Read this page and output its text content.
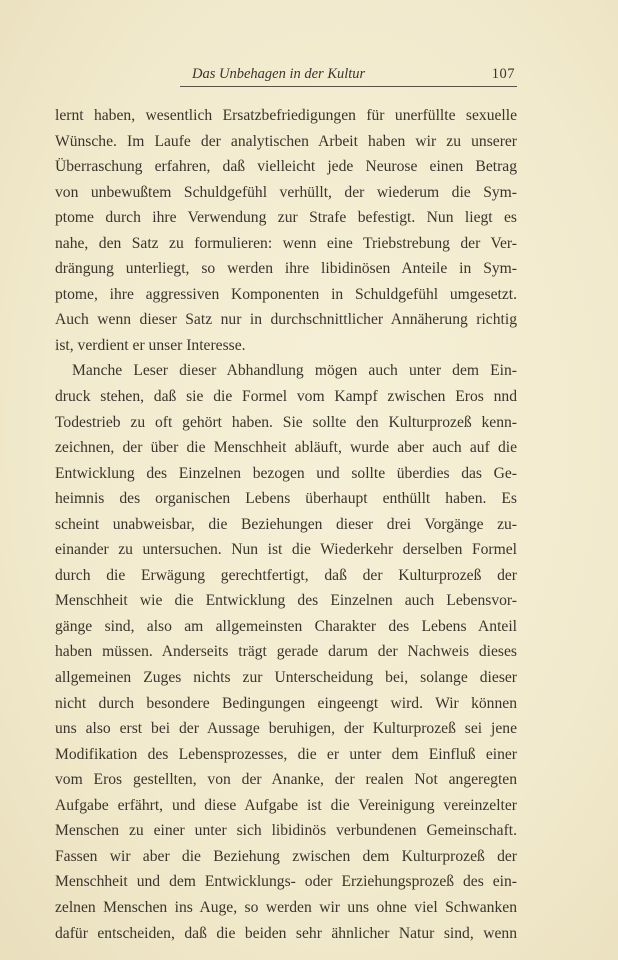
Das Unbehagen in der Kultur	107
lernt haben, wesentlich Ersatzbefriedigungen für unerfüllte sexuelle
Wünsche. Im Laufe der analytischen Arbeit haben wir zu unserer
Überraschung erfahren, daß vielleicht jede Neurose einen Betrag
von unbewußtem Schuldgefühl verhüllt, der wiederum die Sym-
ptome durch ihre Verwendung zur Strafe befestigt. Nun liegt es
nahe, den Satz zu formulieren: wenn eine Triebstrebung der Ver-
drängung unterliegt, so werden ihre libidinösen Anteile in Sym-
ptome, ihre aggressiven Komponenten in Schuldgefühl umgesetzt.
Auch wenn dieser Satz nur in durchschnittlicher Annäherung richtig
ist, verdient er unser Interesse.
Manche Leser dieser Abhandlung mögen auch unter dem Ein-
druck stehen, daß sie die Formel vom Kampf zwischen Eros nnd
Todestrieb zu oft gehört haben. Sie sollte den Kulturprozeß kenn-
zeichnen, der über die Menschheit abläuft, wurde aber auch auf die
Entwicklung des Einzelnen bezogen und sollte überdies das Ge-
heimnis des organischen Lebens überhaupt enthüllt haben. Es
scheint unabweisbar, die Beziehungen dieser drei Vorgänge zu-
einander zu untersuchen. Nun ist die Wiederkehr derselben Formel
durch die Erwägung gerechtfertigt, daß der Kulturprozeß der
Menschheit wie die Entwicklung des Einzelnen auch Lebensvor-
gänge sind, also am allgemeinsten Charakter des Lebens Anteil
haben müssen. Anderseits trägt gerade darum der Nachweis dieses
allgemeinen Zuges nichts zur Unterscheidung bei, solange dieser
nicht durch besondere Bedingungen eingeengt wird. Wir können
uns also erst bei der Aussage beruhigen, der Kulturprozeß sei jene
Modifikation des Lebensprozesses, die er unter dem Einfluß einer
vom Eros gestellten, von der Ananke, der realen Not angeregten
Aufgabe erfährt, und diese Aufgabe ist die Vereinigung vereinzelter
Menschen zu einer unter sich libidinös verbundenen Gemeinschaft.
Fassen wir aber die Beziehung zwischen dem Kulturprozeß der
Menschheit und dem Entwicklungs- oder Erziehungsprozeß des ein-
zelnen Menschen ins Auge, so werden wir uns ohne viel Schwanken
dafür entscheiden, daß die beiden sehr ähnlicher Natur sind, wenn
